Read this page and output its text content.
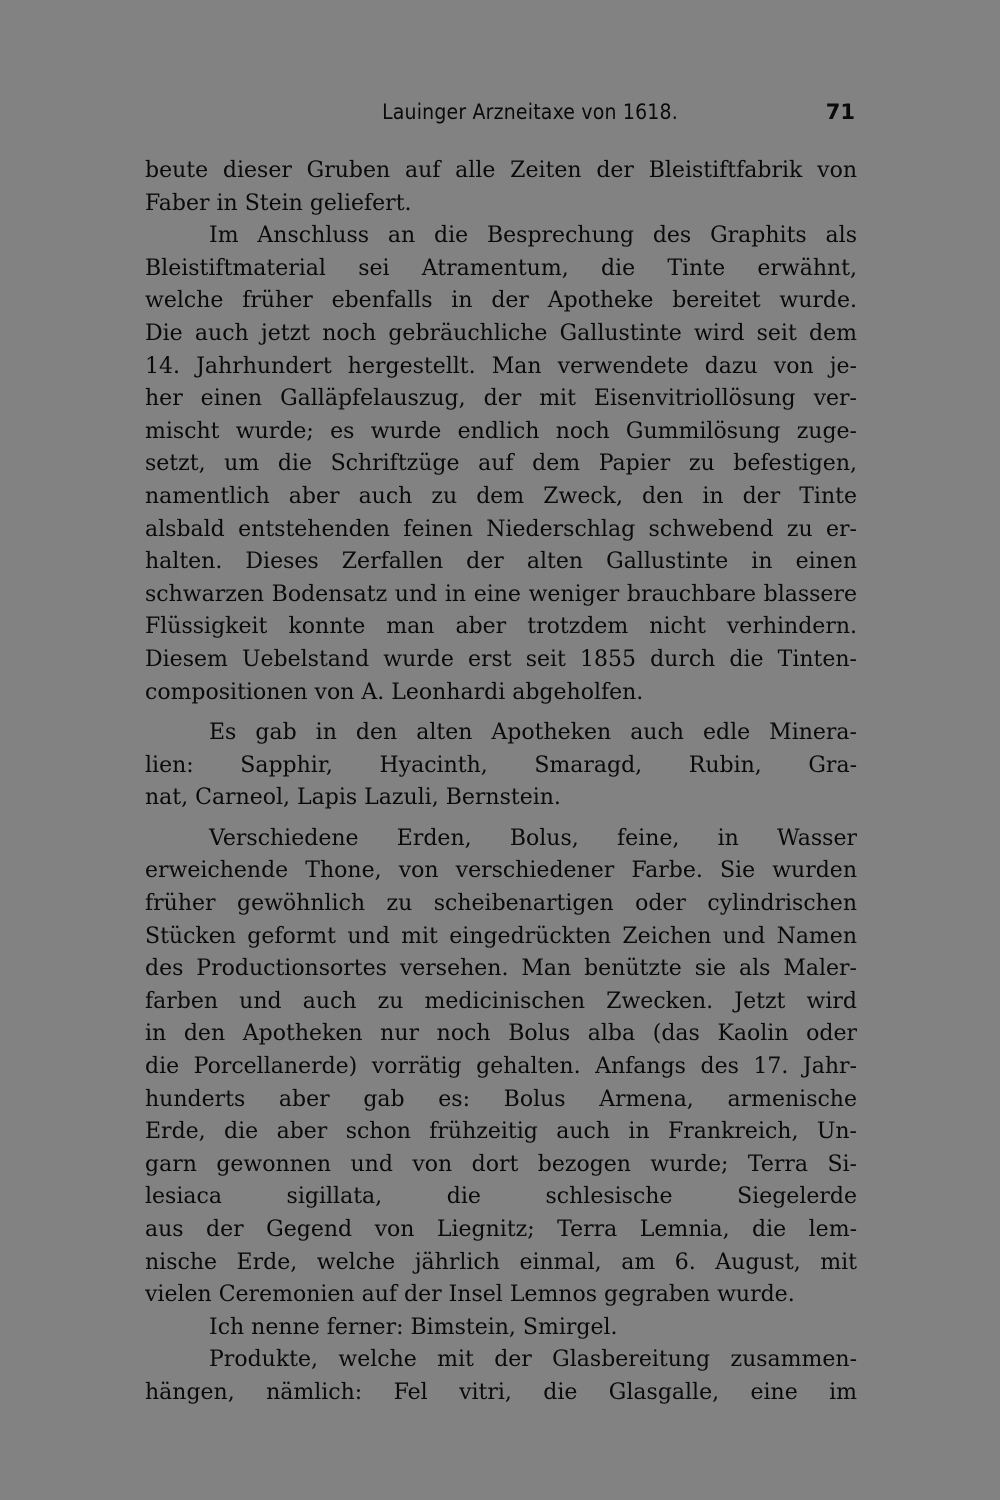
Lauinger Arzneitaxe von 1618.	71
beute dieser Gruben auf alle Zeiten der Bleistiftfabrik von
Faber in Stein geliefert.
Im Anschluss an die Besprechung des Graphits als
Bleistiftmaterial sei Atramentum, die Tinte erwähnt,
welche früher ebenfalls in der Apotheke bereitet wurde.
Die auch jetzt noch gebräuchliche Gallustinte wird seit dem
14. Jahrhundert hergestellt. Man verwendete dazu von je-
her einen Galläpfelauszug, der mit Eisenvitriollösung ver-
mischt wurde; es wurde endlich noch Gummilösung zuge-
setzt, um die Schriftzüge auf dem Papier zu befestigen,
namentlich aber auch zu dem Zweck, den in der Tinte
alsbald entstehenden feinen Niederschlag schwebend zu er-
halten. Dieses Zerfallen der alten Gallustinte in einen
schwarzen Bodensatz und in eine weniger brauchbare blassere
Flüssigkeit konnte man aber trotzdem nicht verhindern.
Diesem Uebelstand wurde erst seit 1855 durch die Tinten-
compositionen von A. Leonhardi abgeholfen.
Es gab in den alten Apotheken auch edle Minera-
lien: Sapphir, Hyacinth, Smaragd, Rubin, Gra-
nat, Carneol, Lapis Lazuli, Bernstein.
Verschiedene Erden, Bolus, feine, in Wasser
erweichende Thone, von verschiedener Farbe. Sie wurden
früher gewöhnlich zu scheibenartigen oder cylindrischen
Stücken geformt und mit eingedrückten Zeichen und Namen
des Productionsortes versehen. Man benützte sie als Maler-
farben und auch zu medicinischen Zwecken. Jetzt wird
in den Apotheken nur noch Bolus alba (das Kaolin oder
die Porcellanerde) vorrätig gehalten. Anfangs des 17. Jahr-
hunderts aber gab es: Bolus Armena, armenische
Erde, die aber schon frühzeitig auch in Frankreich, Un-
garn gewonnen und von dort bezogen wurde; Terra Si-
lesiaca sigillata, die schlesische Siegelerde
aus der Gegend von Liegnitz; Terra Lemnia, die lem-
nische Erde, welche jährlich einmal, am 6. August, mit
vielen Ceremonien auf der Insel Lemnos gegraben wurde.
Ich nenne ferner: Bimstein, Smirgel.
Produkte, welche mit der Glasbereitung zusammen-
hängen, nämlich: Fel vitri, die Glasgalle, eine im
